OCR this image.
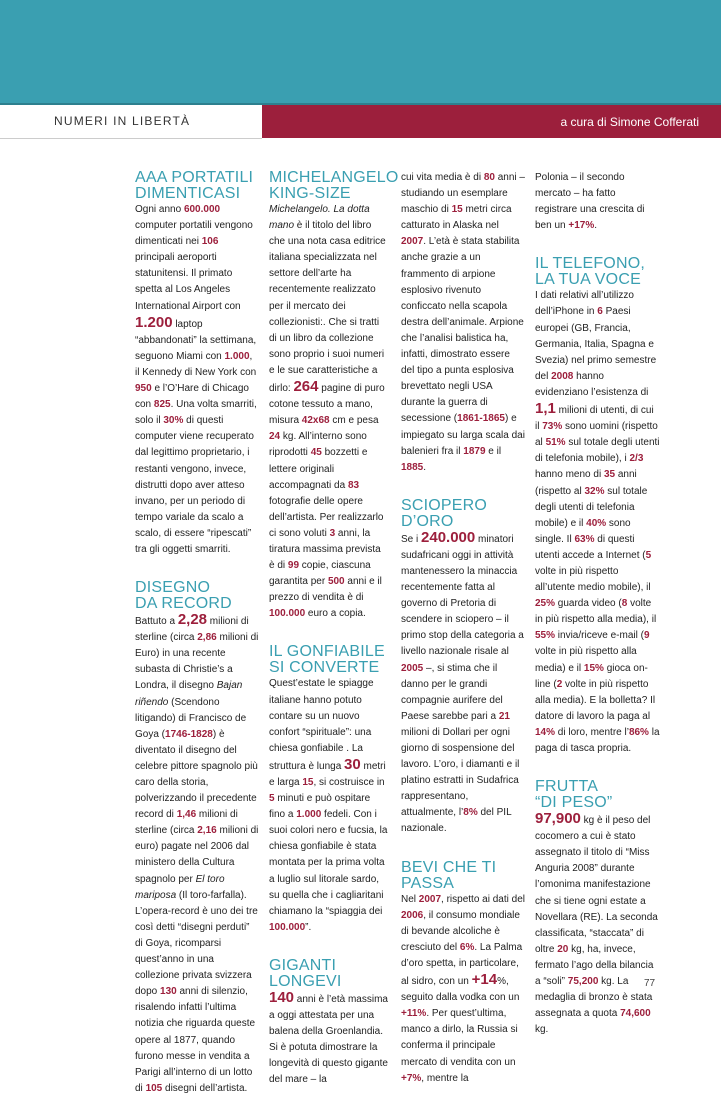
NUMERI IN LIBERTÀ	a cura di Simone Cofferati
AAA PORTATILI
DIMENTICASI

Ogni anno 600.000 computer portatili vengono dimenticati nei 106 principali aeroporti statunitensi. Il primato spetta al Los Angeles International Airport con 1.200 laptop “abbandonati” la settimana, seguono Miami con 1.000, il Kennedy di New York con 950 e l’O’Hare di Chicago con 825. Una volta smarriti, solo il 30% di questi computer viene recuperato dal legittimo proprietario, i restanti vengono, invece, distrutti dopo aver atteso invano, per un periodo di tempo variale da scalo a scalo, di essere “ripescati” tra gli oggetti smarriti.

DISEGNO
DA RECORD

Battuto a 2,28 milioni di sterline (circa 2,86 milioni di Euro) in una recente subasta di Christie’s a Londra, il disegno Bajan riñendo (Scendono litigando) di Francisco de Goya (1746-1828) è diventato il disegno del celebre pittore spagnolo più caro della storia, polverizzando il precedente record di 1,46 milioni di sterline (circa 2,16 milioni di euro) pagate nel 2006 dal ministero della Cultura spagnolo per El toro mariposa (Il toro-farfalla).

L’opera-record è uno dei tre così detti “disegni perduti” di Goya, ricomparsi quest’anno in una collezione privata svizzera dopo 130 anni di silenzio, risalendo infatti l’ultima notizia che riguarda queste opere al 1877, quando furono messe in vendita a Parigi all’interno di un lotto di 105 disegni dell’artista.

MICHELANGELO
KING-SIZE

Michelangelo. La dotta mano è il titolo del libro che una nota casa editrice italiana specializzata nel settore dell’arte ha recentemente realizzato per il mercato dei collezionisti:. Che si tratti di un libro da collezione sono proprio i suoi numeri e le sue caratteristiche a dirlo: 264 pagine di puro cotone tessuto a mano, misura 42x68 cm e pesa 24 kg. All’interno sono riprodotti 45 bozzetti e lettere originali accompagnati da 83 fotografie delle opere dell’artista. Per realizzarlo ci sono voluti 3 anni, la tiratura massima prevista è di 99 copie, ciascuna garantita per 500 anni e il prezzo di vendita è di 100.000 euro a copia.

IL GONFIABILE
SI CONVERTE

Quest’estate le spiagge italiane hanno potuto contare su un nuovo confort “spirituale”: una chiesa gonfiabile . La struttura è lunga 30 metri e larga 15, si costruisce in 5 minuti e può ospitare fino a 1.000 fedeli. Con i suoi colori nero e fucsia, la chiesa gonfiabile è stata montata per la prima volta a luglio sul litorale sardo, su quella che i cagliaritani chiamano la “spiaggia dei 100.000”.

GIGANTI
LONGEVI

140 anni è l’età massima a oggi attestata per una balena della Groenlandia. Si è potuta dimostrare la longevità di questo gigante del mare – la

cui vita media è di 80 anni – studiando un esemplare maschio di 15 metri circa catturato in Alaska nel 2007. L’età è stata stabilita anche grazie a un frammento di arpione esplosivo rivenuto conficcato nella scapola destra dell’animale. Arpione che l’analisi balistica ha, infatti, dimostrato essere del tipo a punta esplosiva brevettato negli USA durante la guerra di secessione (1861-1865) e impiegato su larga scala dai balenieri fra il 1879 e il 1885.

SCIOPERO
D’ORO

Se i 240.000 minatori sudafricani oggi in attività mantenessero la minaccia recentemente fatta al governo di Pretoria di scendere in sciopero – il primo stop della categoria a livello nazionale risale al 2005 –, si stima che il danno per le grandi compagnie aurifere del Paese sarebbe pari a 21 milioni di Dollari per ogni giorno di sospensione del lavoro. L’oro, i diamanti e il platino estratti in Sudafrica rappresentano, attualmente, l’8% del PIL nazionale.

BEVI CHE TI
PASSA

Nel 2007, rispetto ai dati del 2006, il consumo mondiale di bevande alcoliche è cresciuto del 6%. La Palma d’oro spetta, in particolare, al sidro, con un +14%, seguito dalla vodka con un +11%. Per quest’ultima, manco a dirlo, la Russia si conferma il principale mercato di vendita con un +7%, mentre la

Polonia – il secondo mercato – ha fatto registrare una crescita di ben un +17%.

IL TELEFONO,
LA TUA VOCE

I dati relativi all’utilizzo dell’iPhone in 6 Paesi europei (GB, Francia, Germania, Italia, Spagna e Svezia) nel primo semestre del 2008 hanno evidenziano l’esistenza di 1,1 milioni di utenti, di cui il 73% sono uomini (rispetto al 51% sul totale degli utenti di telefonia mobile), i 2/3 hanno meno di 35 anni (rispetto al 32% sul totale degli utenti di telefonia mobile) e il 40% sono single. Il 63% di questi utenti accede a Internet (5 volte in più rispetto all’utente medio mobile), il 25% guarda video (8 volte in più rispetto alla media), il 55% invia/riceve e-mail (9 volte in più rispetto alla media) e il 15% gioca on-line (2 volte in più rispetto alla media). E la bolletta? Il datore di lavoro la paga al 14% di loro, mentre l’86% la paga di tasca propria.

FRUTTA
“DI PESO”

97,900 kg è il peso del cocomero a cui è stato assegnato il titolo di “Miss Anguria 2008” durante l’omonima manifestazione che si tiene ogni estate a Novellara (RE). La seconda classificata, “staccata” di oltre 20 kg, ha, invece, fermato l’ago della bilancia a “soli” 75,200 kg. La medaglia di bronzo è stata assegnata a quota 74,600 kg.

77
